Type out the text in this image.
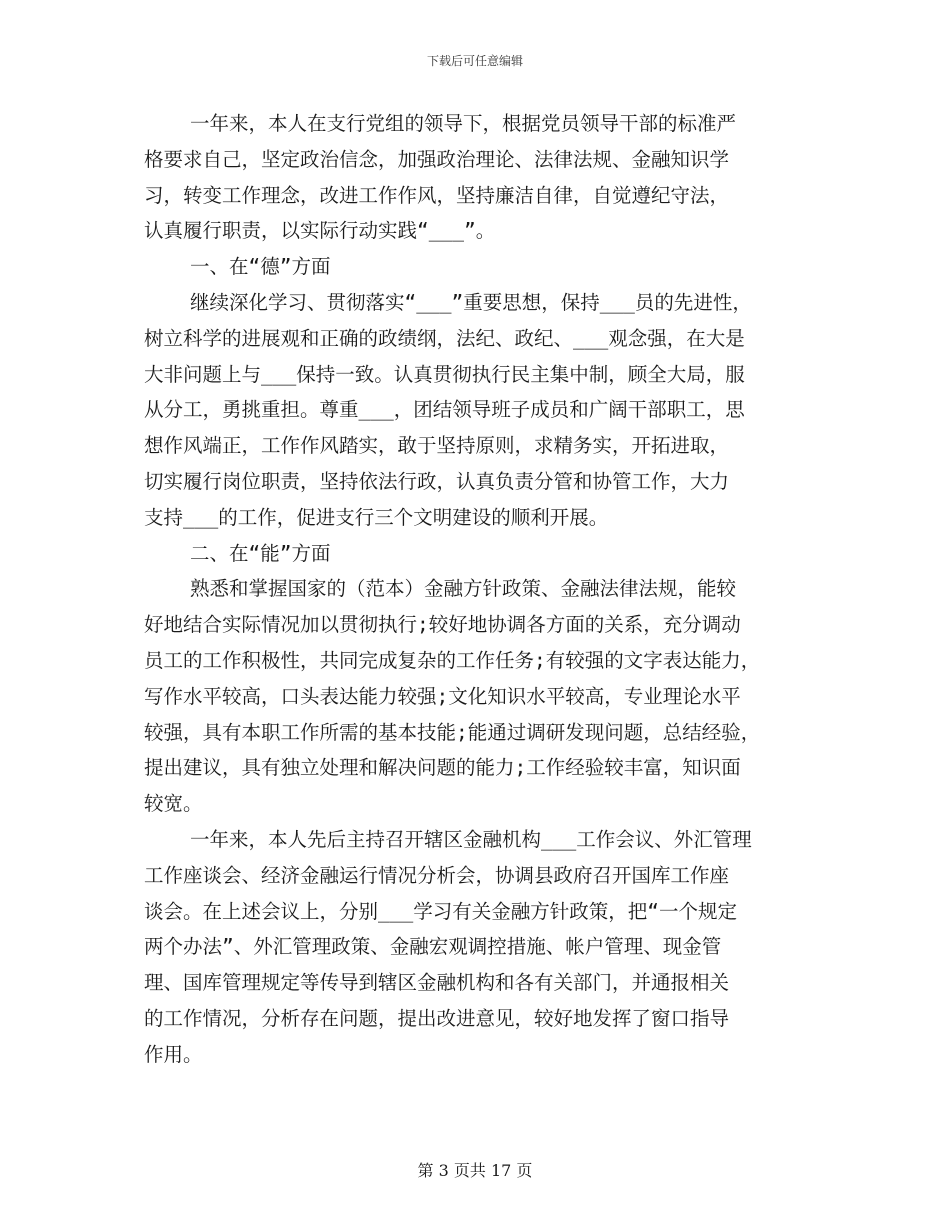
下载后可任意编辑
一年来，本人在支行党组的领导下，根据党员领导干部的标准严
格要求自己，坚定政治信念，加强政治理论、法律法规、金融知识学
习，转变工作理念，改进工作作风，坚持廉洁自律，自觉遵纪守法，
认真履行职责，以实际行动实践“___”。
一、在“德”方面
继续深化学习、贯彻落实“___”重要思想，保持___员的先进性，
树立科学的进展观和正确的政绩纲，法纪、政纪、___观念强，在大是
大非问题上与___保持一致。认真贯彻执行民主集中制，顾全大局，服
从分工，勇挑重担。尊重___，团结领导班子成员和广阔干部职工，思
想作风端正，工作作风踏实，敢于坚持原则，求精务实，开拓进取，
切实履行岗位职责，坚持依法行政，认真负责分管和协管工作，大力
支持___的工作，促进支行三个文明建设的顺利开展。
二、在“能”方面
熟悉和掌握国家的（范本）金融方针政策、金融法律法规，能较
好地结合实际情况加以贯彻执行;较好地协调各方面的关系，充分调动
员工的工作积极性，共同完成复杂的工作任务;有较强的文字表达能力，
写作水平较高，口头表达能力较强;文化知识水平较高，专业理论水平
较强，具有本职工作所需的基本技能;能通过调研发现问题，总结经验，
提出建议，具有独立处理和解决问题的能力;工作经验较丰富，知识面
较宽。
一年来，本人先后主持召开辖区金融机构___工作会议、外汇管理
工作座谈会、经济金融运行情况分析会，协调县政府召开国库工作座
谈会。在上述会议上，分别___学习有关金融方针政策，把“一个规定
两个办法”、外汇管理政策、金融宏观调控措施、帐户管理、现金管
理、国库管理规定等传导到辖区金融机构和各有关部门，并通报相关
的工作情况，分析存在问题，提出改进意见，较好地发挥了窗口指导
作用。
第 3 页共 17 页
